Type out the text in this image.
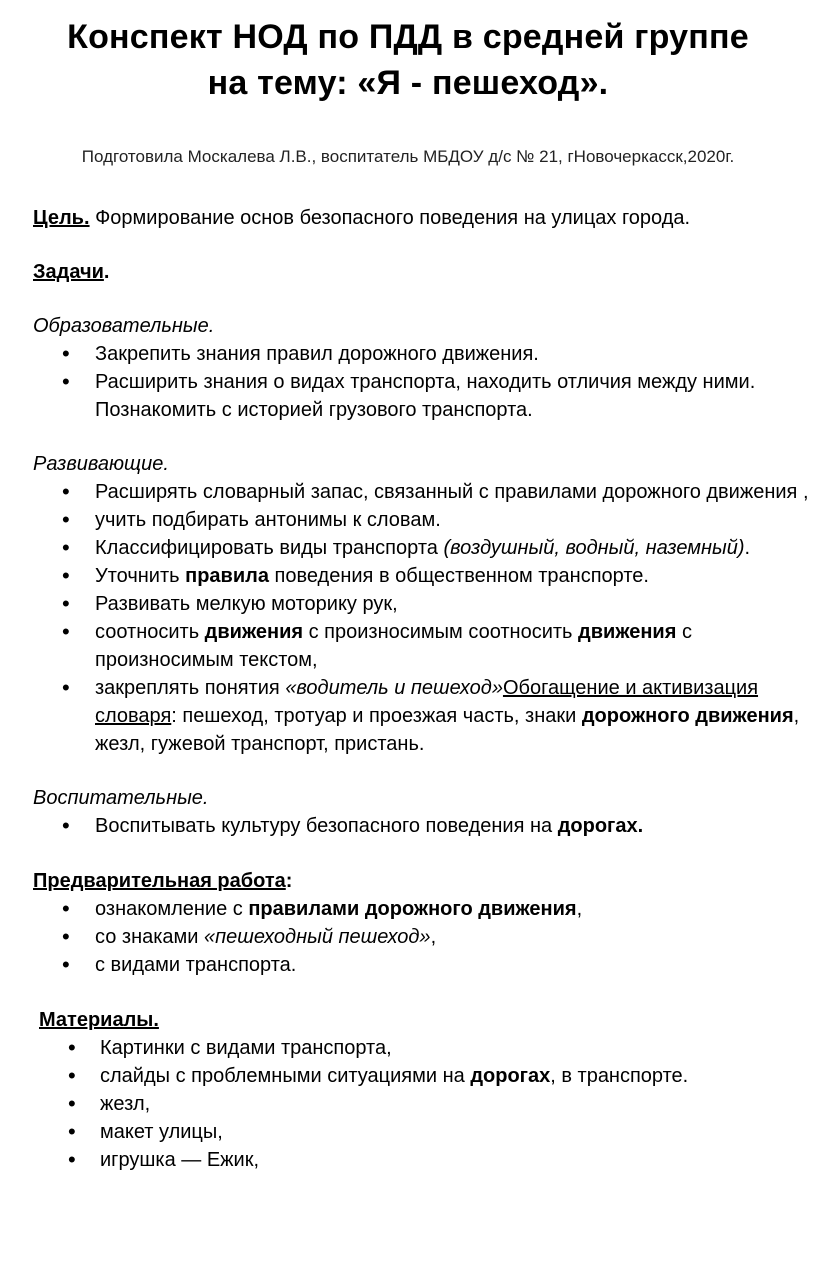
Конспект НОД по ПДД в средней группе
на тему: «Я - пешеход».
Подготовила Москалева Л.В., воспитатель МБДОУ д/с № 21, гНовочеркасск,2020г.

Цель. Формирование основ безопасного поведения на улицах города.

Задачи.

Образовательные.

• Закрепить знания правил дорожного движения.
• Расширить знания о видах транспорта, находить отличия между ними. Познакомить с историей грузового транспорта.

Развивающие.

• Расширять словарный запас, связанный с правилами дорожного движения ,
• учить подбирать антонимы к словам.
• Классифицировать виды транспорта (воздушный, водный, наземный).
• Уточнить правила поведения в общественном транспорте.
• Развивать мелкую моторику рук,
• соотносить движения с произносимым соотносить движения с произносимым текстом,
• закреплять понятия «водитель и пешеход»Обогащение и активизация словаря: пешеход, тротуар и проезжая часть, знаки дорожного движения, жезл, гужевой транспорт, пристань.

Воспитательные.

• Воспитывать культуру безопасного поведения на дорогах.

Предварительная работа:

• ознакомление с правилами дорожного движения,
• со знаками «пешеходный пешеход»,
• с видами транспорта.

Материалы.

• Картинки с видами транспорта,
• слайды с проблемными ситуациями на дорогах, в транспорте.
• жезл,
• макет улицы,
• игрушка — Ежик,
